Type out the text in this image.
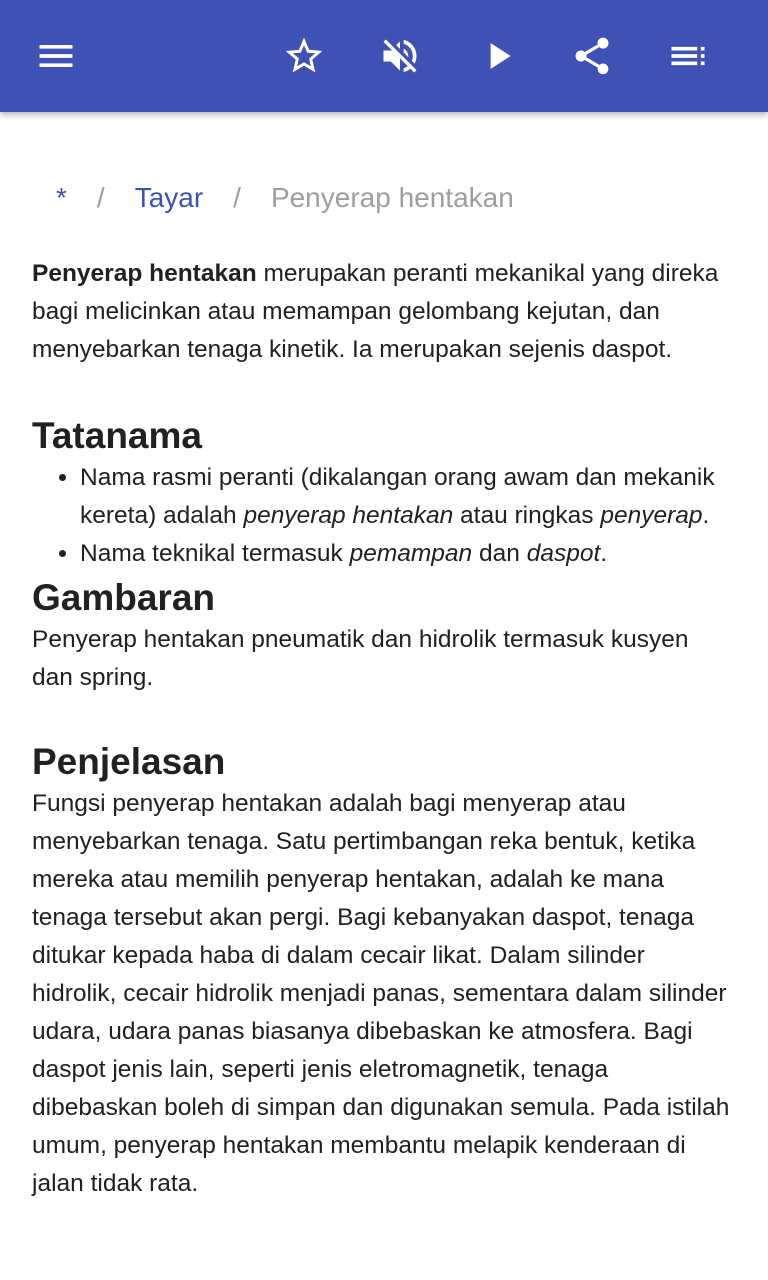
* / Tayar / Penyerap hentakan

Penyerap hentakan merupakan peranti mekanikal yang direka bagi melicinkan atau memampan gelombang kejutan, dan menyebarkan tenaga kinetik. Ia merupakan sejenis daspot.

Tatanama
• Nama rasmi peranti (dikalangan orang awam dan mekanik kereta) adalah penyerap hentakan atau ringkas penyerap.
• Nama teknikal termasuk pemampan dan daspot.
Gambaran

Penyerap hentakan pneumatik dan hidrolik termasuk kusyen dan spring.

Penjelasan

Fungsi penyerap hentakan adalah bagi menyerap atau menyebarkan tenaga. Satu pertimbangan reka bentuk, ketika mereka atau memilih penyerap hentakan, adalah ke mana tenaga tersebut akan pergi. Bagi kebanyakan daspot, tenaga ditukar kepada haba di dalam cecair likat. Dalam silinder hidrolik, cecair hidrolik menjadi panas, sementara dalam silinder udara, udara panas biasanya dibebaskan ke atmosfera. Bagi daspot jenis lain, seperti jenis eletromagnetik, tenaga dibebaskan boleh di simpan dan digunakan semula. Pada istilah umum, penyerap hentakan membantu melapik kenderaan di jalan tidak rata.
